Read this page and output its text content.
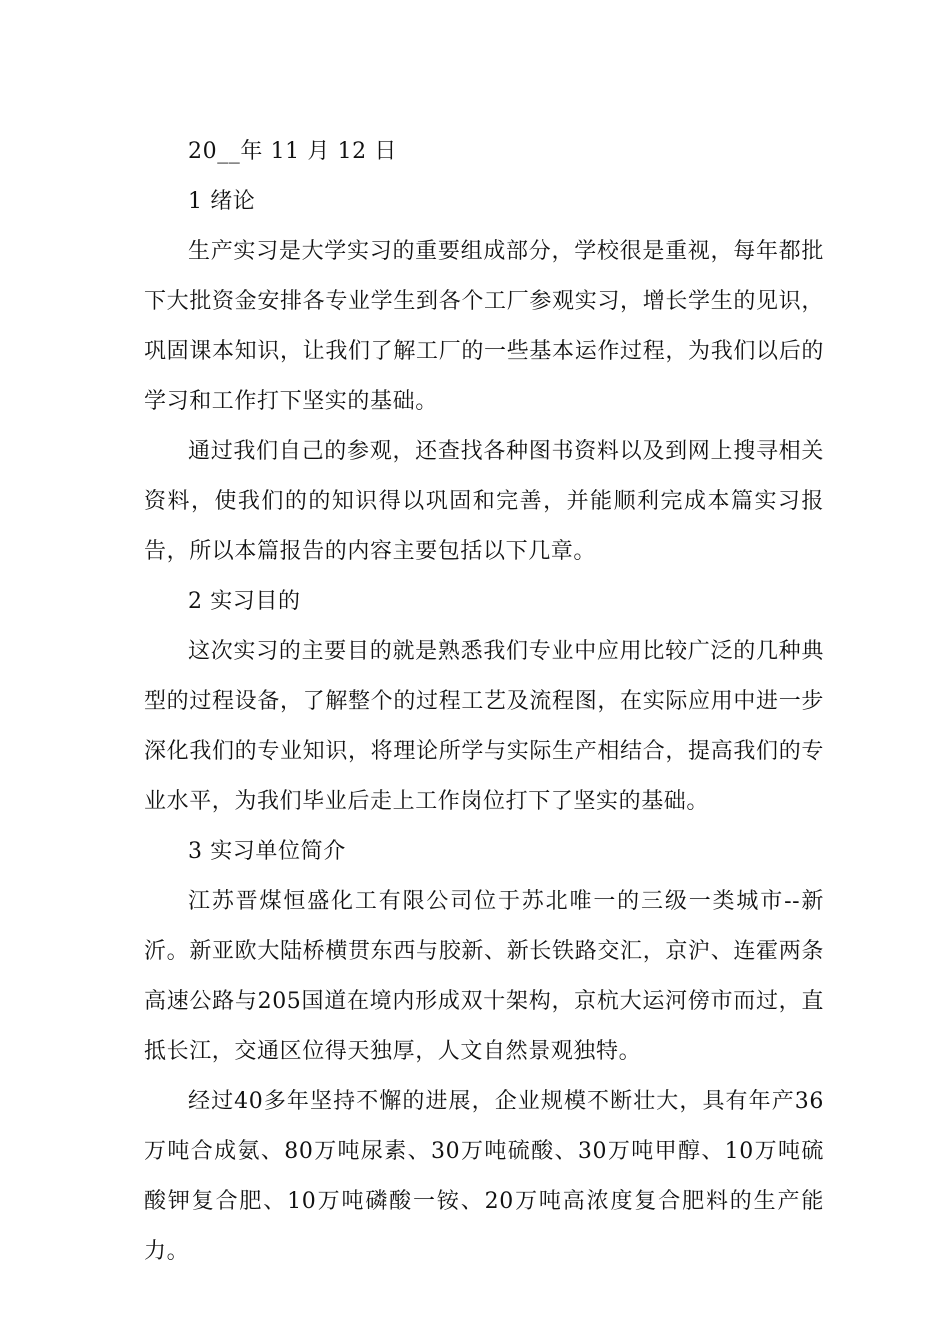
20__年 11 月 12 日

1 绪论

生产实习是大学实习的重要组成部分，学校很是重视，每年都批下大批资金安排各专业学生到各个工厂参观实习，增长学生的见识，巩固课本知识，让我们了解工厂的一些基本运作过程，为我们以后的学习和工作打下坚实的基础。

通过我们自己的参观，还查找各种图书资料以及到网上搜寻相关资料，使我们的的知识得以巩固和完善，并能顺利完成本篇实习报告，所以本篇报告的内容主要包括以下几章。

2 实习目的

这次实习的主要目的就是熟悉我们专业中应用比较广泛的几种典型的过程设备，了解整个的过程工艺及流程图，在实际应用中进一步深化我们的专业知识，将理论所学与实际生产相结合，提高我们的专业水平，为我们毕业后走上工作岗位打下了坚实的基础。

3 实习单位简介

江苏晋煤恒盛化工有限公司位于苏北唯一的三级一类城市--新沂。新亚欧大陆桥横贯东西与胶新、新长铁路交汇，京沪、连霍两条高速公路与205国道在境内形成双十架构，京杭大运河傍市而过，直抵长江，交通区位得天独厚，人文自然景观独特。

经过40多年坚持不懈的进展，企业规模不断壮大，具有年产36万吨合成氨、80万吨尿素、30万吨硫酸、30万吨甲醇、10万吨硫酸钾复合肥、10万吨磷酸一铵、20万吨高浓度复合肥料的生产能力。
